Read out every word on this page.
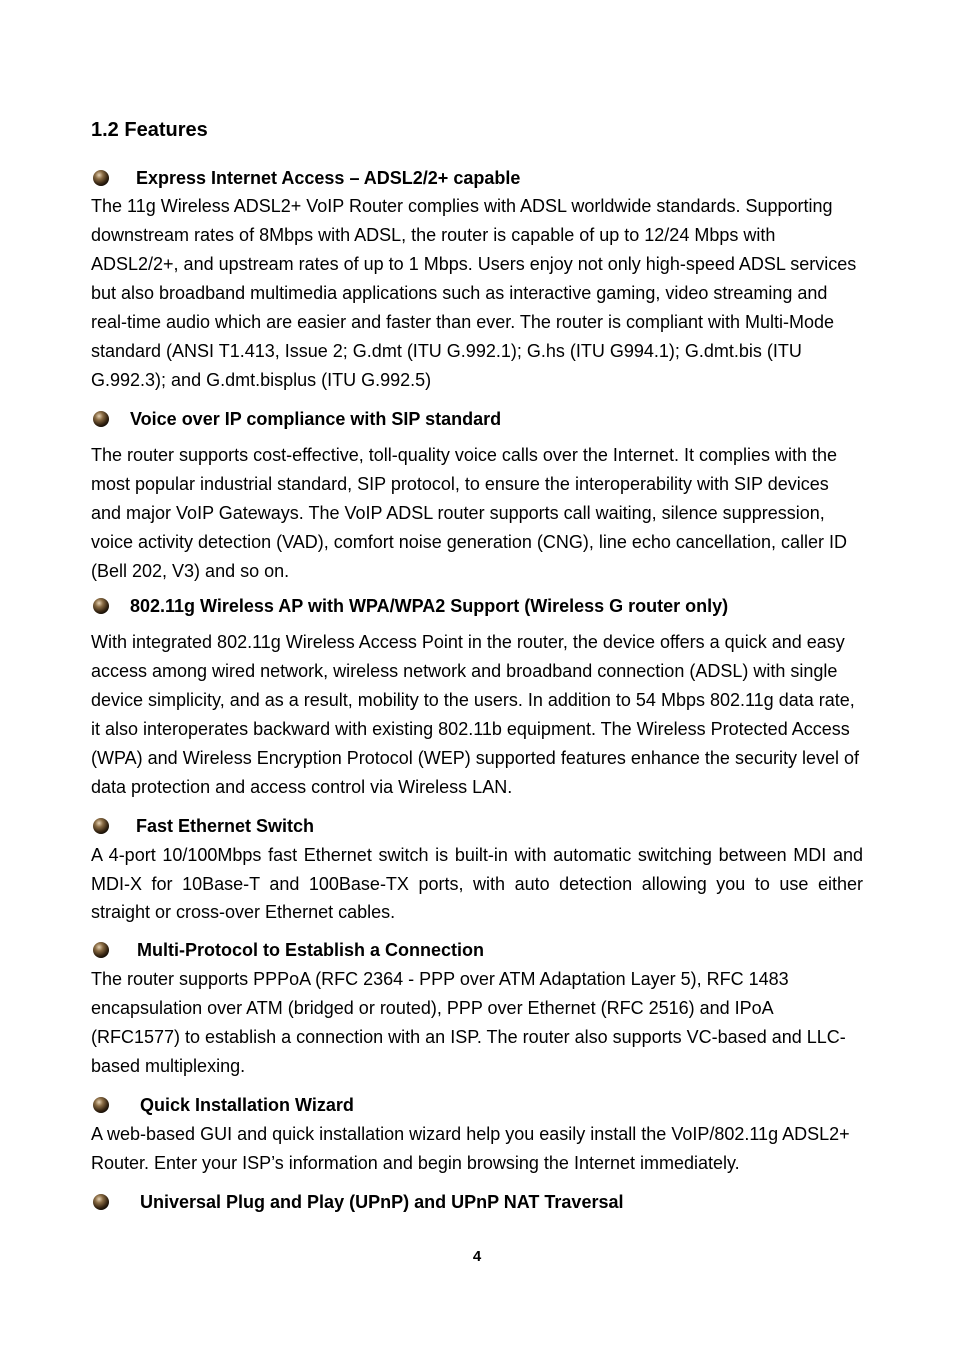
1.2 Features
Express Internet Access – ADSL2/2+ capable

The 11g Wireless ADSL2+ VoIP Router complies with ADSL worldwide standards. Supporting downstream rates of 8Mbps with ADSL, the router is capable of up to 12/24 Mbps with ADSL2/2+, and upstream rates of up to 1 Mbps. Users enjoy not only high-speed ADSL services but also broadband multimedia applications such as interactive gaming, video streaming and real-time audio which are easier and faster than ever. The router is compliant with Multi-Mode standard (ANSI T1.413, Issue 2; G.dmt (ITU G.992.1); G.hs (ITU G994.1); G.dmt.bis (ITU G.992.3); and G.dmt.bisplus (ITU G.992.5)

Voice over IP compliance with SIP standard

The router supports cost-effective, toll-quality voice calls over the Internet. It complies with the most popular industrial standard, SIP protocol, to ensure the interoperability with SIP devices and major VoIP Gateways. The VoIP ADSL router supports call waiting, silence suppression, voice activity detection (VAD), comfort noise generation (CNG), line echo cancellation, caller ID (Bell 202, V3) and so on.

802.11g Wireless AP with WPA/WPA2 Support (Wireless G router only)

With integrated 802.11g Wireless Access Point in the router, the device offers a quick and easy access among wired network, wireless network and broadband connection (ADSL) with single device simplicity, and as a result, mobility to the users. In addition to 54 Mbps 802.11g data rate, it also interoperates backward with existing 802.11b equipment. The Wireless Protected Access (WPA) and Wireless Encryption Protocol (WEP) supported features enhance the security level of data protection and access control via Wireless LAN.

Fast Ethernet Switch

A 4-port 10/100Mbps fast Ethernet switch is built-in with automatic switching between MDI and MDI-X for 10Base-T and 100Base-TX ports, with auto detection allowing you to use either straight or cross-over Ethernet cables.

Multi-Protocol to Establish a Connection

The router supports PPPoA (RFC 2364 - PPP over ATM Adaptation Layer 5), RFC 1483 encapsulation over ATM (bridged or routed), PPP over Ethernet (RFC 2516) and IPoA (RFC1577) to establish a connection with an ISP. The router also supports VC-based and LLC-based multiplexing.

Quick Installation Wizard

A web-based GUI and quick installation wizard help you easily install the VoIP/802.11g ADSL2+ Router. Enter your ISP’s information and begin browsing the Internet immediately.

Universal Plug and Play (UPnP) and UPnP NAT Traversal
4
